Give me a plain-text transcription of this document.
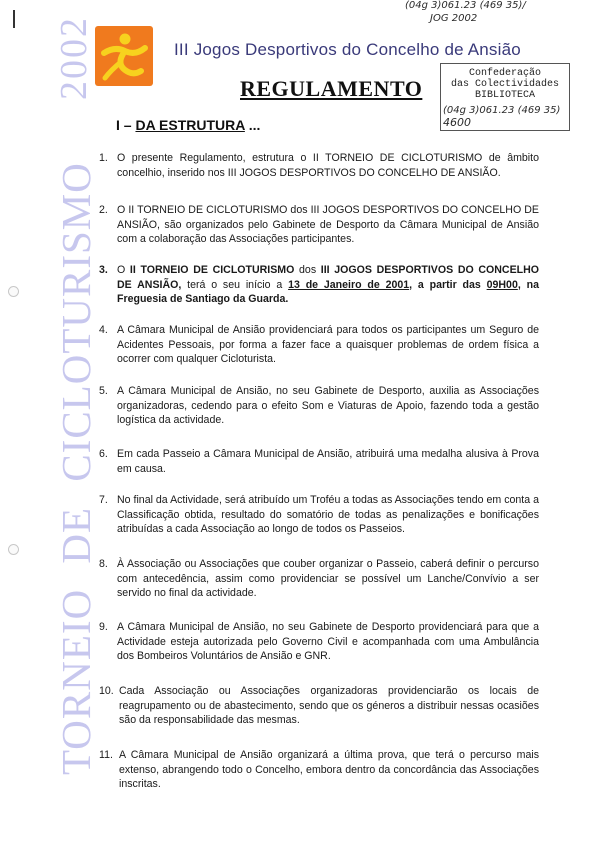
(04g 3)061.23 (469 35)/
JOG 2002
TORNEIO DE CICLOTURISMO
2002	III Jogos Desportivos do Concelho de Ansião
REGULAMENTO
Confederação
das Colectividades
BIBLIOTECA
(04g 3)061.23 (469 35)
4600
I – DA ESTRUTURA ...
1. O presente Regulamento, estrutura o II TORNEIO DE CICLOTURISMO de âmbito concelhio, inserido nos III JOGOS DESPORTIVOS DO CONCELHO DE ANSIÃO.
2. O II TORNEIO DE CICLOTURISMO dos III JOGOS DESPORTIVOS DO CONCELHO DE ANSIÃO, são organizados pelo Gabinete de Desporto da Câmara Municipal de Ansião com a colaboração das Associações participantes.
3. O II TORNEIO DE CICLOTURISMO dos III JOGOS DESPORTIVOS DO CONCELHO DE ANSIÃO, terá o seu início a 13 de Janeiro de 2001, a partir das 09H00, na Freguesia de Santiago da Guarda.
4. A Câmara Municipal de Ansião providenciará para todos os participantes um Seguro de Acidentes Pessoais, por forma a fazer face a quaisquer problemas de ordem física a ocorrer com qualquer Cicloturista.
5. A Câmara Municipal de Ansião, no seu Gabinete de Desporto, auxilia as Associações organizadoras, cedendo para o efeito Som e Viaturas de Apoio, fazendo toda a gestão logística da actividade.
6. Em cada Passeio a Câmara Municipal de Ansião, atribuirá uma medalha alusiva à Prova em causa.
7. No final da Actividade, será atribuído um Troféu a todas as Associações tendo em conta a Classificação obtida, resultado do somatório de todas as penalizações e bonificações atribuídas a cada Associação ao longo de todos os Passeios.
8. À Associação ou Associações que couber organizar o Passeio, caberá definir o percurso com antecedência, assim como providenciar se possível um Lanche/Convívio a ser servido no final da actividade.
9. A Câmara Municipal de Ansião, no seu Gabinete de Desporto providenciará para que a Actividade esteja autorizada pelo Governo Civil e acompanhada com uma Ambulância dos Bombeiros Voluntários de Ansião e GNR.
10. Cada Associação ou Associações organizadoras providenciarão os locais de reagrupamento ou de abastecimento, sendo que os géneros a distribuir nessas ocasiões são da responsabilidade das mesmas.
11. A Câmara Municipal de Ansião organizará a última prova, que terá o percurso mais extenso, abrangendo todo o Concelho, embora dentro da concordância das Associações inscritas.
